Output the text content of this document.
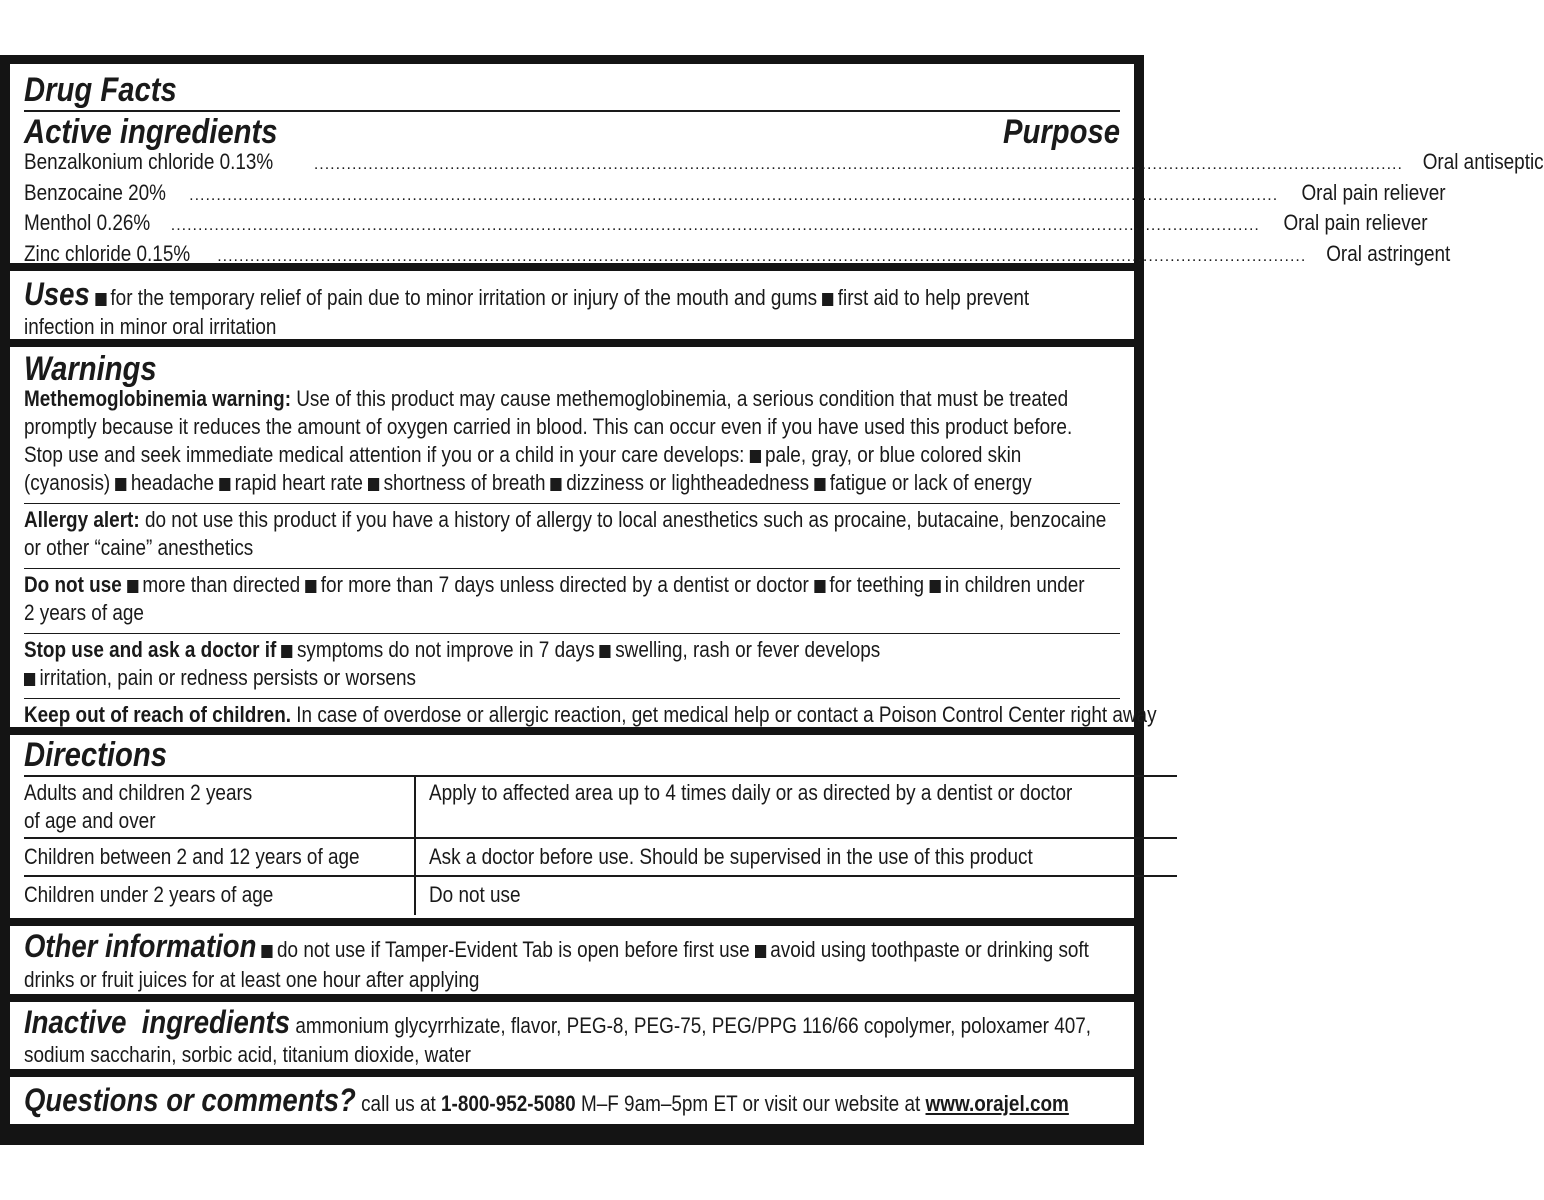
Drug Facts
Active ingredients	Purpose
Benzalkonium chloride 0.13%	........................................................................................................................................................................................................ Oral antiseptic
Benzocaine 20% ........................................................................................................................................................................................................ Oral pain reliever
Menthol 0.26% ........................................................................................................................................................................................................ Oral pain reliever
Zinc chloride 0.15% ........................................................................................................................................................................................................ Oral astringent
Uses for the temporary relief of pain due to minor irritation or injury of the mouth and gums first aid to help prevent
infection in minor oral irritation
Warnings
Methemoglobinemia warning: Use of this product may cause methemoglobinemia, a serious condition that must be treated
promptly because it reduces the amount of oxygen carried in blood. This can occur even if you have used this product before.
Stop use and seek immediate medical attention if you or a child in your care develops: pale, gray, or blue colored skin
(cyanosis) headache rapid heart rate shortness of breath dizziness or lightheadedness fatigue or lack of energy
Allergy alert: do not use this product if you have a history of allergy to local anesthetics such as procaine, butacaine, benzocaine
or other “caine” anesthetics
Do not use more than directed for more than 7 days unless directed by a dentist or doctor for teething in children under
2 years of age
Stop use and ask a doctor if symptoms do not improve in 7 days swelling, rash or fever develops
irritation, pain or redness persists or worsens
Keep out of reach of children. In case of overdose or allergic reaction, get medical help or contact a Poison Control Center right away
Directions
Adults and children 2 years
of age and over	Apply to affected area up to 4 times daily or as directed by a dentist or doctor
Children between 2 and 12 years of age	Ask a doctor before use. Should be supervised in the use of this product
Children under 2 years of age	Do not use
Other information do not use if Tamper-Evident Tab is open before first use avoid using toothpaste or drinking soft
drinks or fruit juices for at least one hour after applying
Inactive  ingredients ammonium glycyrrhizate, flavor, PEG-8, PEG-75, PEG/PPG 116/66 copolymer, poloxamer 407,
sodium saccharin, sorbic acid, titanium dioxide, water
Questions or comments? call us at 1-800-952-5080 M–F 9am–5pm ET or visit our website at www.orajel.com
